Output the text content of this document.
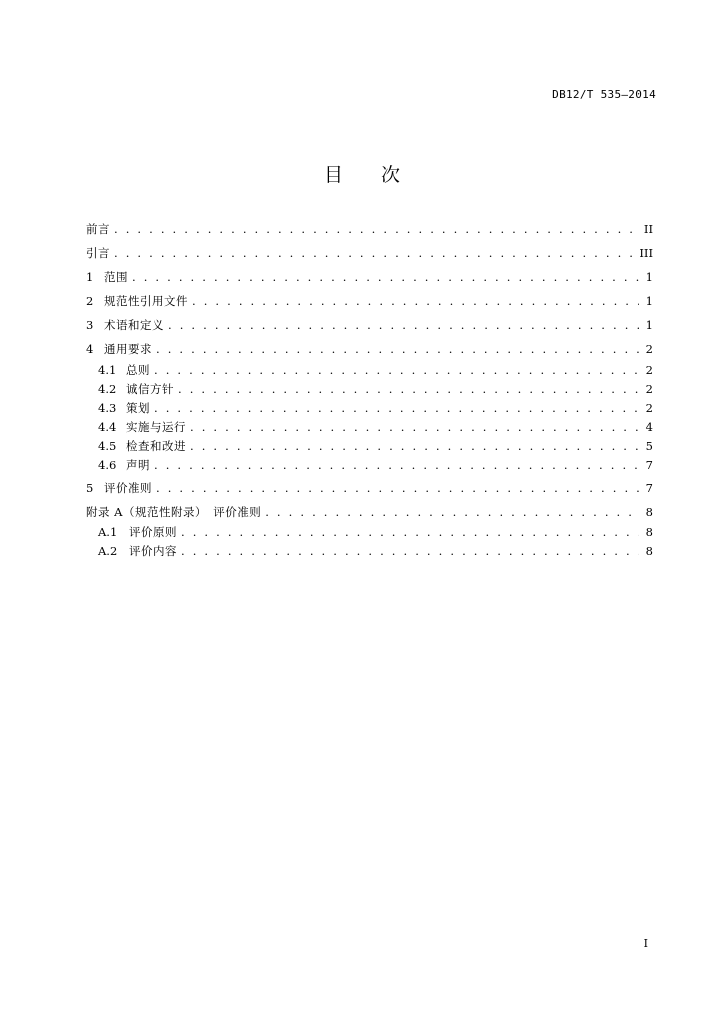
DB12/T 535—2014
目 次
前言 . . .	II
引言 . . .	III
1 范围 . . .	1
2 规范性引用文件 . . .	1
3 术语和定义 . . .	1
4 通用要求 . . .	2
4.1 总则 . . .	2
4.2 诚信方针 . . .	2
4.3 策划 . . .	2
4.4 实施与运行 . . .	4
4.5 检查和改进 . . .	5
4.6 声明 . . .	7
5 评价准则 . . .	7
附录 A（规范性附录）　评价准则 . . .	8
A.1	评价原则 . . .	8
A.2	评价内容 . . .	8
I
